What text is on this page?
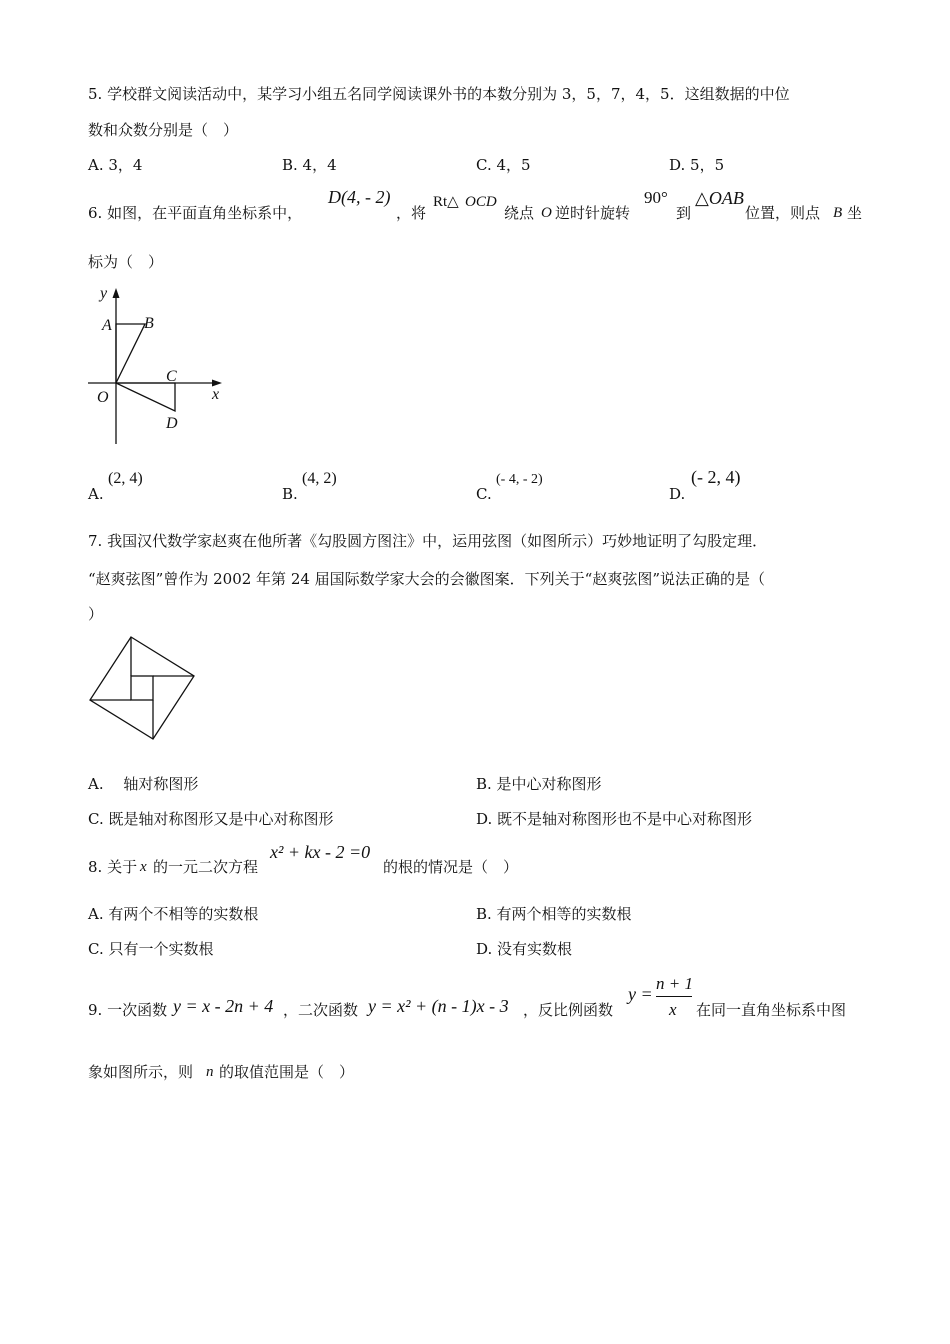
5. 学校群文阅读活动中，某学习小组五名同学阅读课外书的本数分别为 3，5，7，4，5．这组数据的中位
数和众数分别是（　）
A. 3，4	B. 4，4	C. 4，5	D. 5，5
6. 如图，在平面直角坐标系中，
D(4, - 2)
，将
Rt△ OCD
绕点 O 逆时针旋转
90°
到
△OAB
位置，则点 B 坐
标为（　）
y
A B
C
O	x
D
A.
(2, 4)
B.
(4, 2)
C.
(- 4, - 2)
D.
(- 2, 4)
7. 我国汉代数学家赵爽在他所著《勾股圆方图注》中，运用弦图（如图所示）巧妙地证明了勾股定理．
“赵爽弦图”曾作为 2002 年第 24 届国际数学家大会的会徽图案．下列关于“赵爽弦图”说法正确的是（
）
A.　 轴对称图形	B. 是中心对称图形
C. 既是轴对称图形又是中心对称图形	D. 既不是轴对称图形也不是中心对称图形
8. 关于 x 的一元二次方程
x² + kx - 2 =0
的根的情况是（　）
A. 有两个不相等的实数根	B. 有两个相等的实数根
C. 只有一个实数根	D. 没有实数根
9. 一次函数 y = x - 2n + 4 ，二次函数 y = x² + (n - 1)x - 3 ，反比例函数
y =
n + 1
x 在同一直角坐标系中图
象如图所示，则 n 的取值范围是（　）
